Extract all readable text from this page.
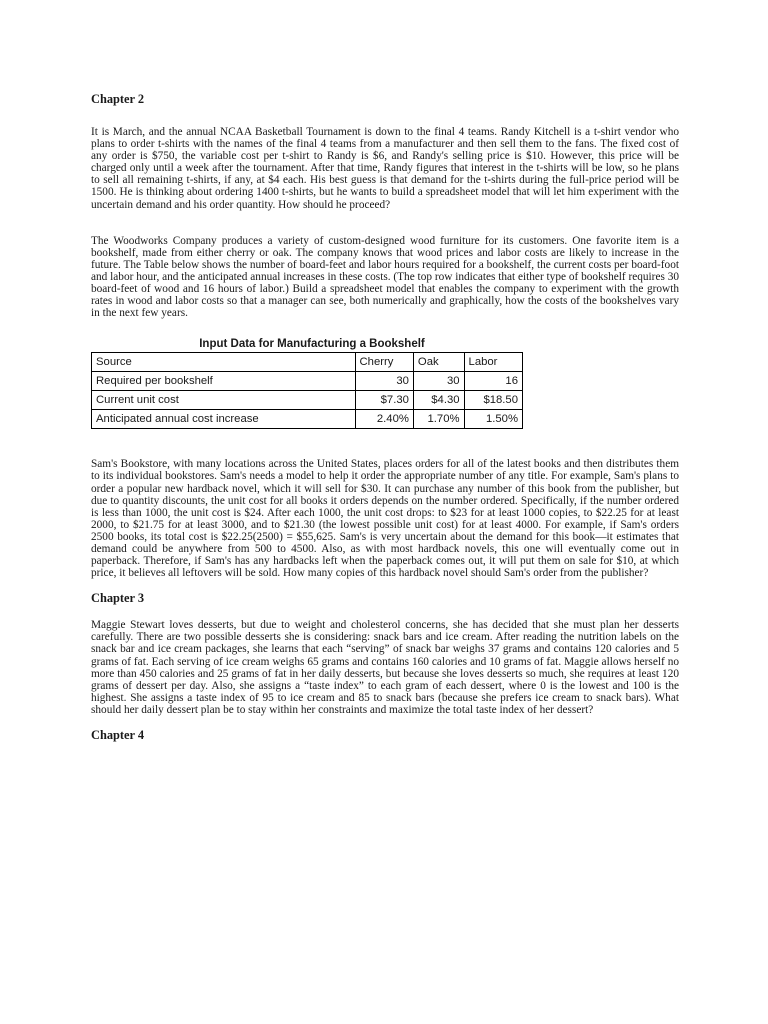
Chapter 2

It is March, and the annual NCAA Basketball Tournament is down to the final 4 teams. Randy Kitchell is a t-shirt vendor who plans to order t-shirts with the names of the final 4 teams from a manufacturer and then sell them to the fans. The fixed cost of any order is $750, the variable cost per t-shirt to Randy is $6, and Randy's selling price is $10. However, this price will be charged only until a week after the tournament. After that time, Randy figures that interest in the t-shirts will be low, so he plans to sell all remaining t-shirts, if any, at $4 each. His best guess is that demand for the t-shirts during the full-price period will be 1500. He is thinking about ordering 1400 t-shirts, but he wants to build a spreadsheet model that will let him experiment with the uncertain demand and his order quantity. How should he proceed?

The Woodworks Company produces a variety of custom-designed wood furniture for its customers. One favorite item is a bookshelf, made from either cherry or oak. The company knows that wood prices and labor costs are likely to increase in the future. The Table below shows the number of board-feet and labor hours required for a bookshelf, the current costs per board-foot and labor hour, and the anticipated annual increases in these costs. (The top row indicates that either type of bookshelf requires 30 board-feet of wood and 16 hours of labor.) Build a spreadsheet model that enables the company to experiment with the growth rates in wood and labor costs so that a manager can see, both numerically and graphically, how the costs of the bookshelves vary in the next few years.

Input Data for Manufacturing a Bookshelf

Source	Cherry	Oak	Labor
Required per bookshelf	30	30	16
Current unit cost	$7.30	$4.30	$18.50
Anticipated annual cost increase	2.40%	1.70%	1.50%

Sam's Bookstore, with many locations across the United States, places orders for all of the latest books and then distributes them to its individual bookstores. Sam's needs a model to help it order the appropriate number of any title. For example, Sam's plans to order a popular new hardback novel, which it will sell for $30. It can purchase any number of this book from the publisher, but due to quantity discounts, the unit cost for all books it orders depends on the number ordered. Specifically, if the number ordered is less than 1000, the unit cost is $24. After each 1000, the unit cost drops: to $23 for at least 1000 copies, to $22.25 for at least 2000, to $21.75 for at least 3000, and to $21.30 (the lowest possible unit cost) for at least 4000. For example, if Sam's orders 2500 books, its total cost is $22.25(2500) = $55,625. Sam's is very uncertain about the demand for this book—it estimates that demand could be anywhere from 500 to 4500. Also, as with most hardback novels, this one will eventually come out in paperback. Therefore, if Sam's has any hardbacks left when the paperback comes out, it will put them on sale for $10, at which price, it believes all leftovers will be sold. How many copies of this hardback novel should Sam's order from the publisher?

Chapter 3

Maggie Stewart loves desserts, but due to weight and cholesterol concerns, she has decided that she must plan her desserts carefully. There are two possible desserts she is considering: snack bars and ice cream. After reading the nutrition labels on the snack bar and ice cream packages, she learns that each “serving” of snack bar weighs 37 grams and contains 120 calories and 5 grams of fat. Each serving of ice cream weighs 65 grams and contains 160 calories and 10 grams of fat. Maggie allows herself no more than 450 calories and 25 grams of fat in her daily desserts, but because she loves desserts so much, she requires at least 120 grams of dessert per day. Also, she assigns a “taste index” to each gram of each dessert, where 0 is the lowest and 100 is the highest. She assigns a taste index of 95 to ice cream and 85 to snack bars (because she prefers ice cream to snack bars). What should her daily dessert plan be to stay within her constraints and maximize the total taste index of her dessert?

Chapter 4
